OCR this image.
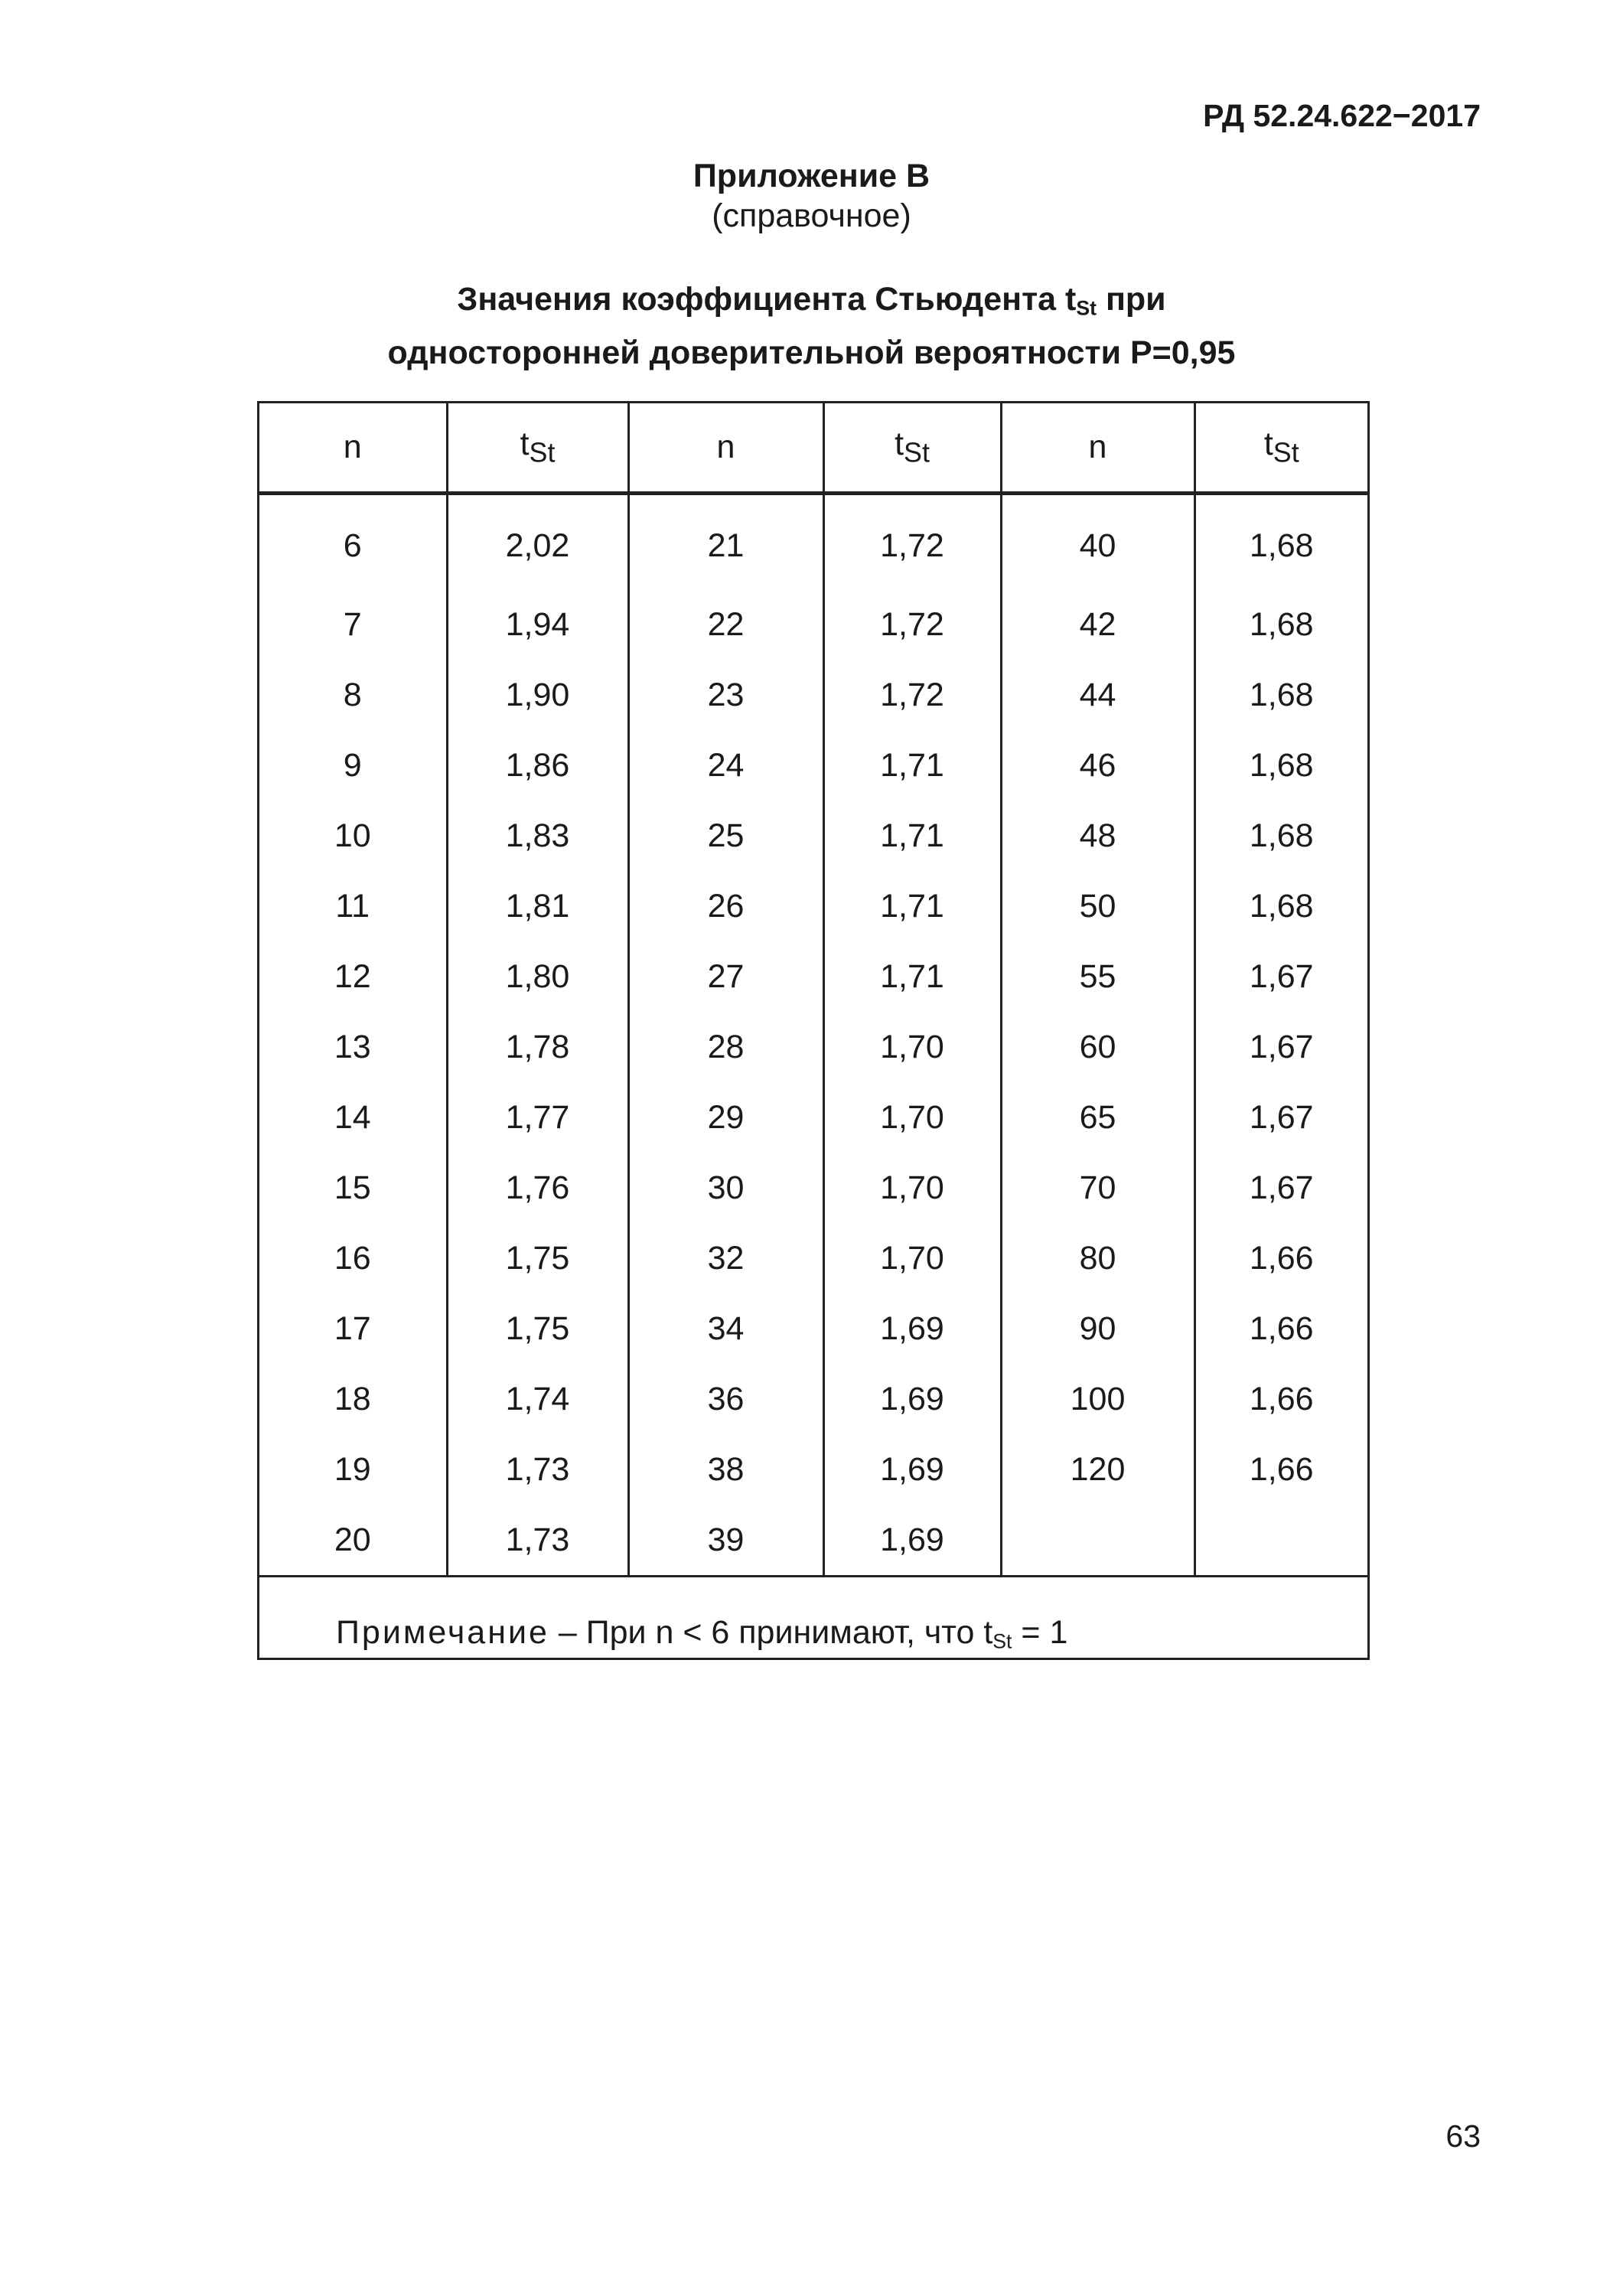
РД 52.24.622−2017
Приложение В
(справочное)
Значения коэффициента Стьюдента $t_{St}$ при
односторонней доверительной вероятности Р=0,95
n	$t_{St}$	n	$t_{St}$	n	$t_{St}$
6	2,02	21	1,72	40	1,68
7	1,94	22	1,72	42	1,68
8	1,90	23	1,72	44	1,68
9	1,86	24	1,71	46	1,68
10	1,83	25	1,71	48	1,68
11	1,81	26	1,71	50	1,68
12	1,80	27	1,71	55	1,67
13	1,78	28	1,70	60	1,67
14	1,77	29	1,70	65	1,67
15	1,76	30	1,70	70	1,67
16	1,75	32	1,70	80	1,66
17	1,75	34	1,69	90	1,66
18	1,74	36	1,69	100	1,66
19	1,73	38	1,69	120	1,66
20	1,73	39	1,69		
Примечание – При n < 6 принимают, что $t_{St} = 1$					
63
